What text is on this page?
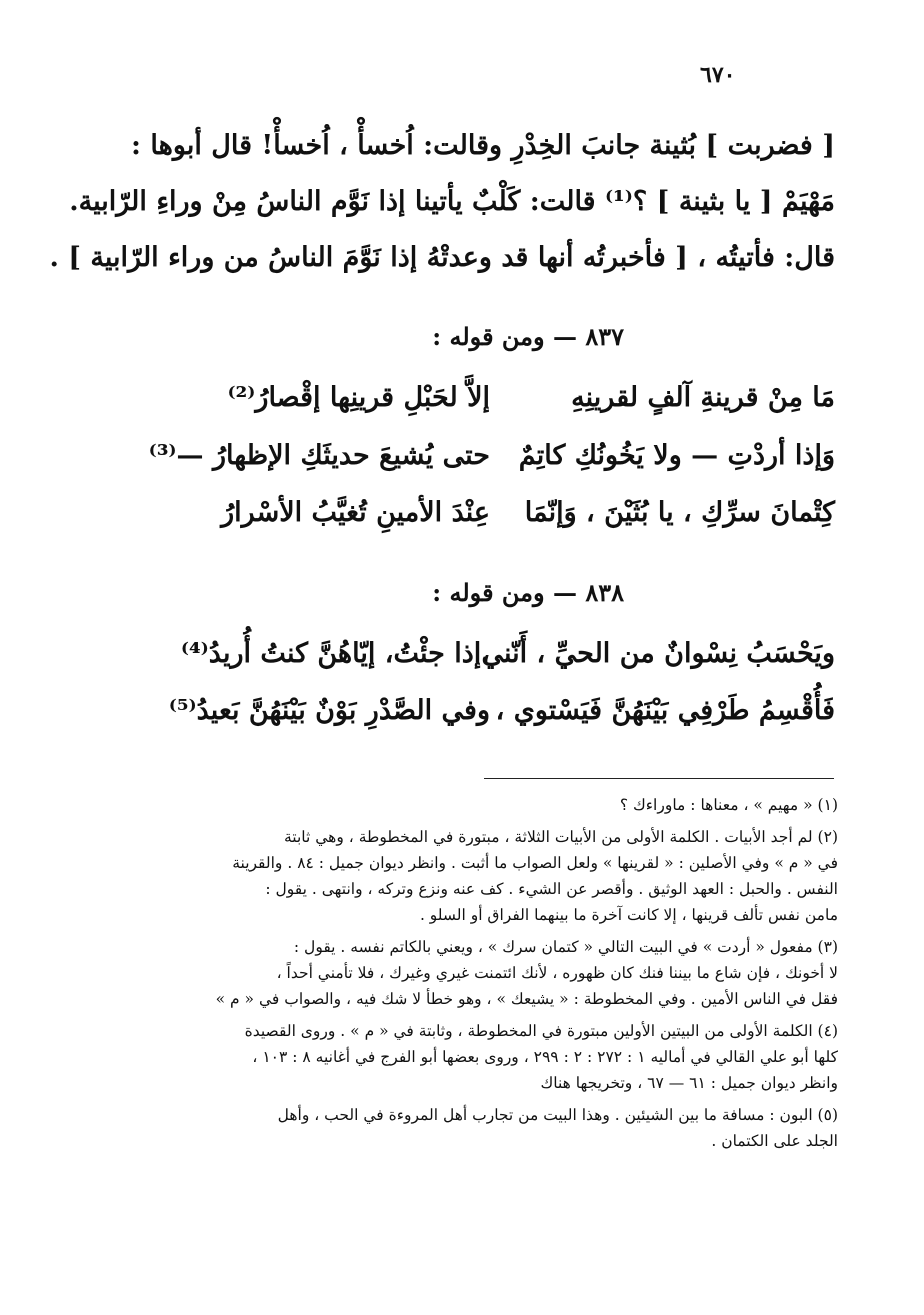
٦٧٠

[ فضربت ] بُثينة جانبَ الخِدْرِ وقالت: اُخسأْ ، اُخسأْ! قال أبوها :

مَهْيَمْ [ يا بثينة ] ؟⁽¹⁾ قالت: كَلْبٌ يأتينا إذا نَوَّم الناسُ مِنْ وراءِ الرّابية.

قال: فأتيتُه ، [ فأخبرتُه أنها قد وعدتْهُ إذا نَوَّمَ الناسُ من وراء الرّابية ] .

٨٣٧ — ومن قوله :
مَا مِنْ قرينةِ آلفٍ لقرينِهِ
إلاَّ لحَبْلِ قرينِها إقْصارُ⁽²⁾
وَإذا أردْتِ — ولا يَخُونُكِ كاتِمٌ
حتى يُشيعَ حديثَكِ الإظهارُ —⁽³⁾
كِتْمانَ سرِّكِ ، يا بُثَيْنَ ، وَإنّمَا
عِنْدَ الأمينِ تُغيَّبُ الأسْرارُ
٨٣٨ — ومن قوله :
ويَحْسَبُ نِسْوانٌ من الحيِّ ، أَنّني
،إذا جئْتُ، إيّاهُنَّ كنتُ أُريدُ⁽⁴⁾
فَأُقْسِمُ طَرْفِي بَيْنَهُنَّ فَيَسْتوي ،
وفي الصَّدْرِ بَوْنٌ بَيْنَهُنَّ بَعيدُ⁽⁵⁾
(١) « مهيم » ، معناها : ماوراءك ؟
(٢) لم أجد الأبيات . الكلمة الأولى من الأبيات الثلاثة ، مبتورة في المخطوطة ، وهي ثابتة
في « م » وفي الأصلين : « لقرينها » ولعل الصواب ما أثبت . وانظر ديوان جميل : ٨٤ . والقرينة
النفس . والحبل : العهد الوثيق . وأقصر عن الشيء . كف عنه ونزع وتركه ، وانتهى . يقول :
مامن نفس تألف قرينها ، إلا كانت آخرة ما بينهما الفراق أو السلو .
(٣) مفعول « أردت » في البيت التالي « كتمان سرك » ، ويعني بالكاتم نفسه . يقول :
لا أخونك ، فإن شاع ما بيننا فنك كان ظهوره ، لأنك ائتمنت غيري وغيرك ، فلا تأمني أحداً ،
فقل في الناس الأمين . وفي المخطوطة : « يشيعك » ، وهو خطأ لا شك فيه ، والصواب في « م »
(٤) الكلمة الأولى من البيتين الأولين مبتورة في المخطوطة ، وثابتة في « م » . وروى القصيدة
كلها أبو علي القالي في أماليه ١ : ٢٧٢ : ٢ : ٢٩٩ ، وروى بعضها أبو الفرج في أغانيه ٨ : ١٠٣ ،
وانظر ديوان جميل : ٦١ — ٦٧ ، وتخريجها هناك
(٥) البون : مسافة ما بين الشيئين . وهذا البيت من تجارب أهل المروءة في الحب ، وأهل
الجلد على الكتمان .
